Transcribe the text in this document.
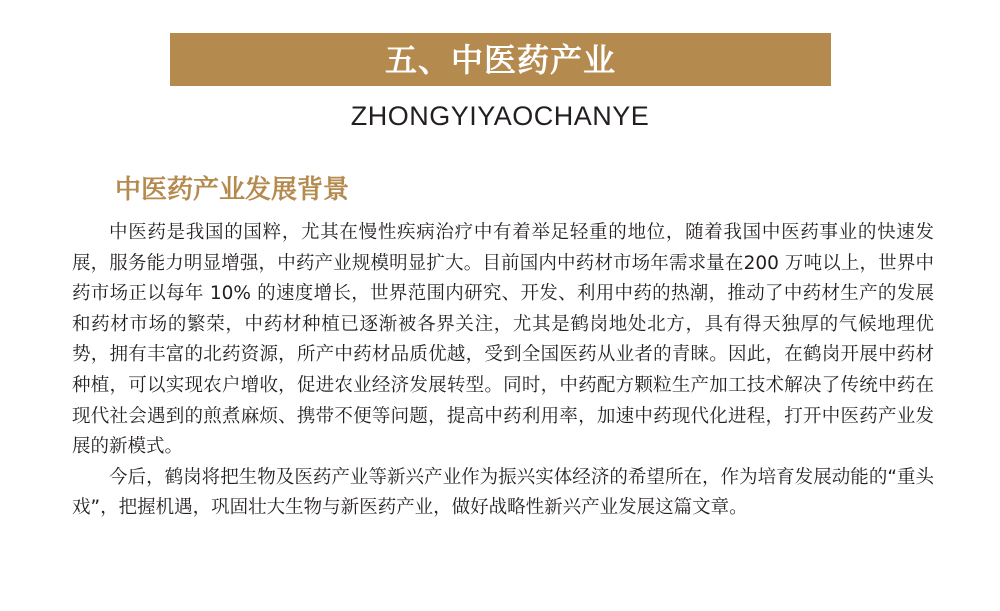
五、中医药产业
ZHONGYIYAOCHANYE
中医药产业发展背景

中医药是我国的国粹，尤其在慢性疾病治疗中有着举足轻重的地位，随着我国中医药事业的快速发展，服务能力明显增强，中药产业规模明显扩大。目前国内中药材市场年需求量在200 万吨以上，世界中药市场正以每年 10% 的速度增长，世界范围内研究、开发、利用中药的热潮，推动了中药材生产的发展和药材市场的繁荣，中药材种植已逐渐被各界关注，尤其是鹤岗地处北方，具有得天独厚的气候地理优势，拥有丰富的北药资源，所产中药材品质优越，受到全国医药从业者的青睐。因此，在鹤岗开展中药材种植，可以实现农户增收，促进农业经济发展转型。同时，中药配方颗粒生产加工技术解决了传统中药在现代社会遇到的煎煮麻烦、携带不便等问题，提高中药利用率，加速中药现代化进程，打开中医药产业发展的新模式。

今后，鹤岗将把生物及医药产业等新兴产业作为振兴实体经济的希望所在，作为培育发展动能的“重头戏”，把握机遇，巩固壮大生物与新医药产业，做好战略性新兴产业发展这篇文章。
